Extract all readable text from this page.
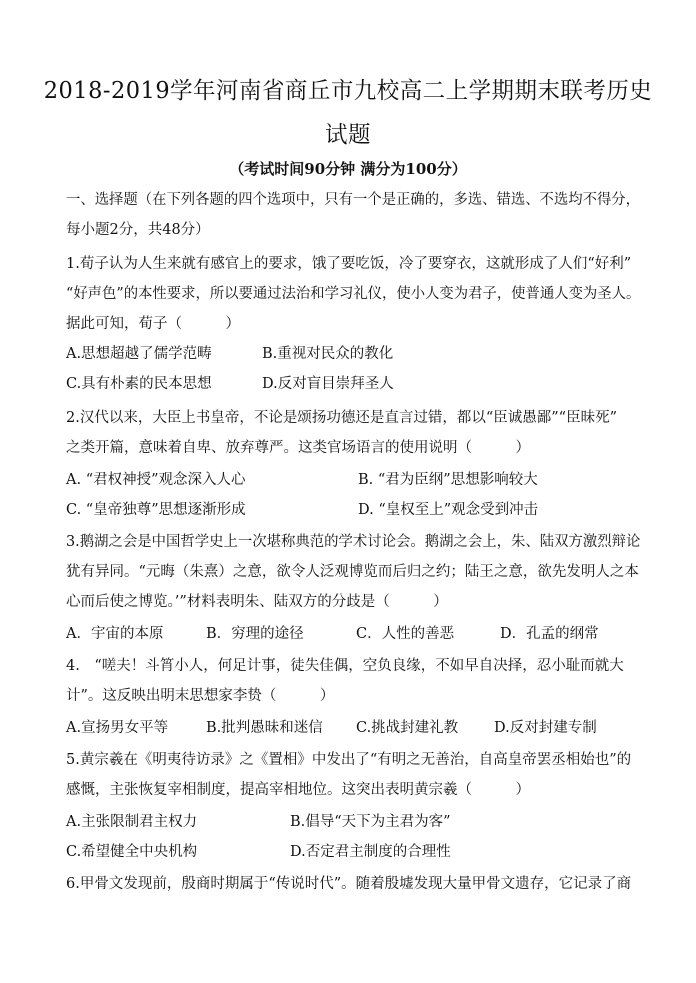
2018-2019学年河南省商丘市九校高二上学期期末联考历史
试题
（考试时间90分钟 满分为100分）
一、选择题（在下列各题的四个选项中，只有一个是正确的，多选、错选、不选均不得分，
每小题2分，共48分）
1.荀子认为人生来就有感官上的要求，饿了要吃饭，冷了要穿衣，这就形成了人们“好利”
“好声色”的本性要求，所以要通过法治和学习礼仪，使小人变为君子，使普通人变为圣人。
据此可知，荀子（　　　）
A.思想超越了儒学范畴	B.重视对民众的教化
C.具有朴素的民本思想	D.反对盲目崇拜圣人
2.汉代以来，大臣上书皇帝，不论是颂扬功德还是直言过错，都以“臣诚愚鄙”“臣昧死”
之类开篇，意味着自卑、放弃尊严。这类官场语言的使用说明（　　　）
A. “君权神授”观念深入人心	B. “君为臣纲”思想影响较大
C. “皇帝独尊”思想逐渐形成	D. “皇权至上”观念受到冲击
3.鹅湖之会是中国哲学史上一次堪称典范的学术讨论会。鹅湖之会上，朱、陆双方激烈辩论
犹有异同。“元晦（朱熹）之意，欲令人泛观博览而后归之约；陆王之意，欲先发明人之本
心而后使之博览。’”材料表明朱、陆双方的分歧是（　　　）
A．宇宙的本原	B．穷理的途径	C．人性的善恶	D．孔孟的纲常
4.　“嗟夫！斗筲小人，何足计事，徒失佳偶，空负良缘，不如早自决择，忍小耻而就大
计”。这反映出明末思想家李贽（　　　）
A.宣扬男女平等	B.批判愚昧和迷信 C.挑战封建礼教 D.反对封建专制
5.黄宗羲在《明夷待访录》之《置相》中发出了“有明之无善治，自高皇帝罢丞相始也”的
感慨，主张恢复宰相制度，提高宰相地位。这突出表明黄宗羲（　　　）
A.主张限制君主权力	B.倡导“天下为主君为客”
C.希望健全中央机构	D.否定君主制度的合理性
6.甲骨文发现前，殷商时期属于“传说时代”。随着殷墟发现大量甲骨文遗存，它记录了商
